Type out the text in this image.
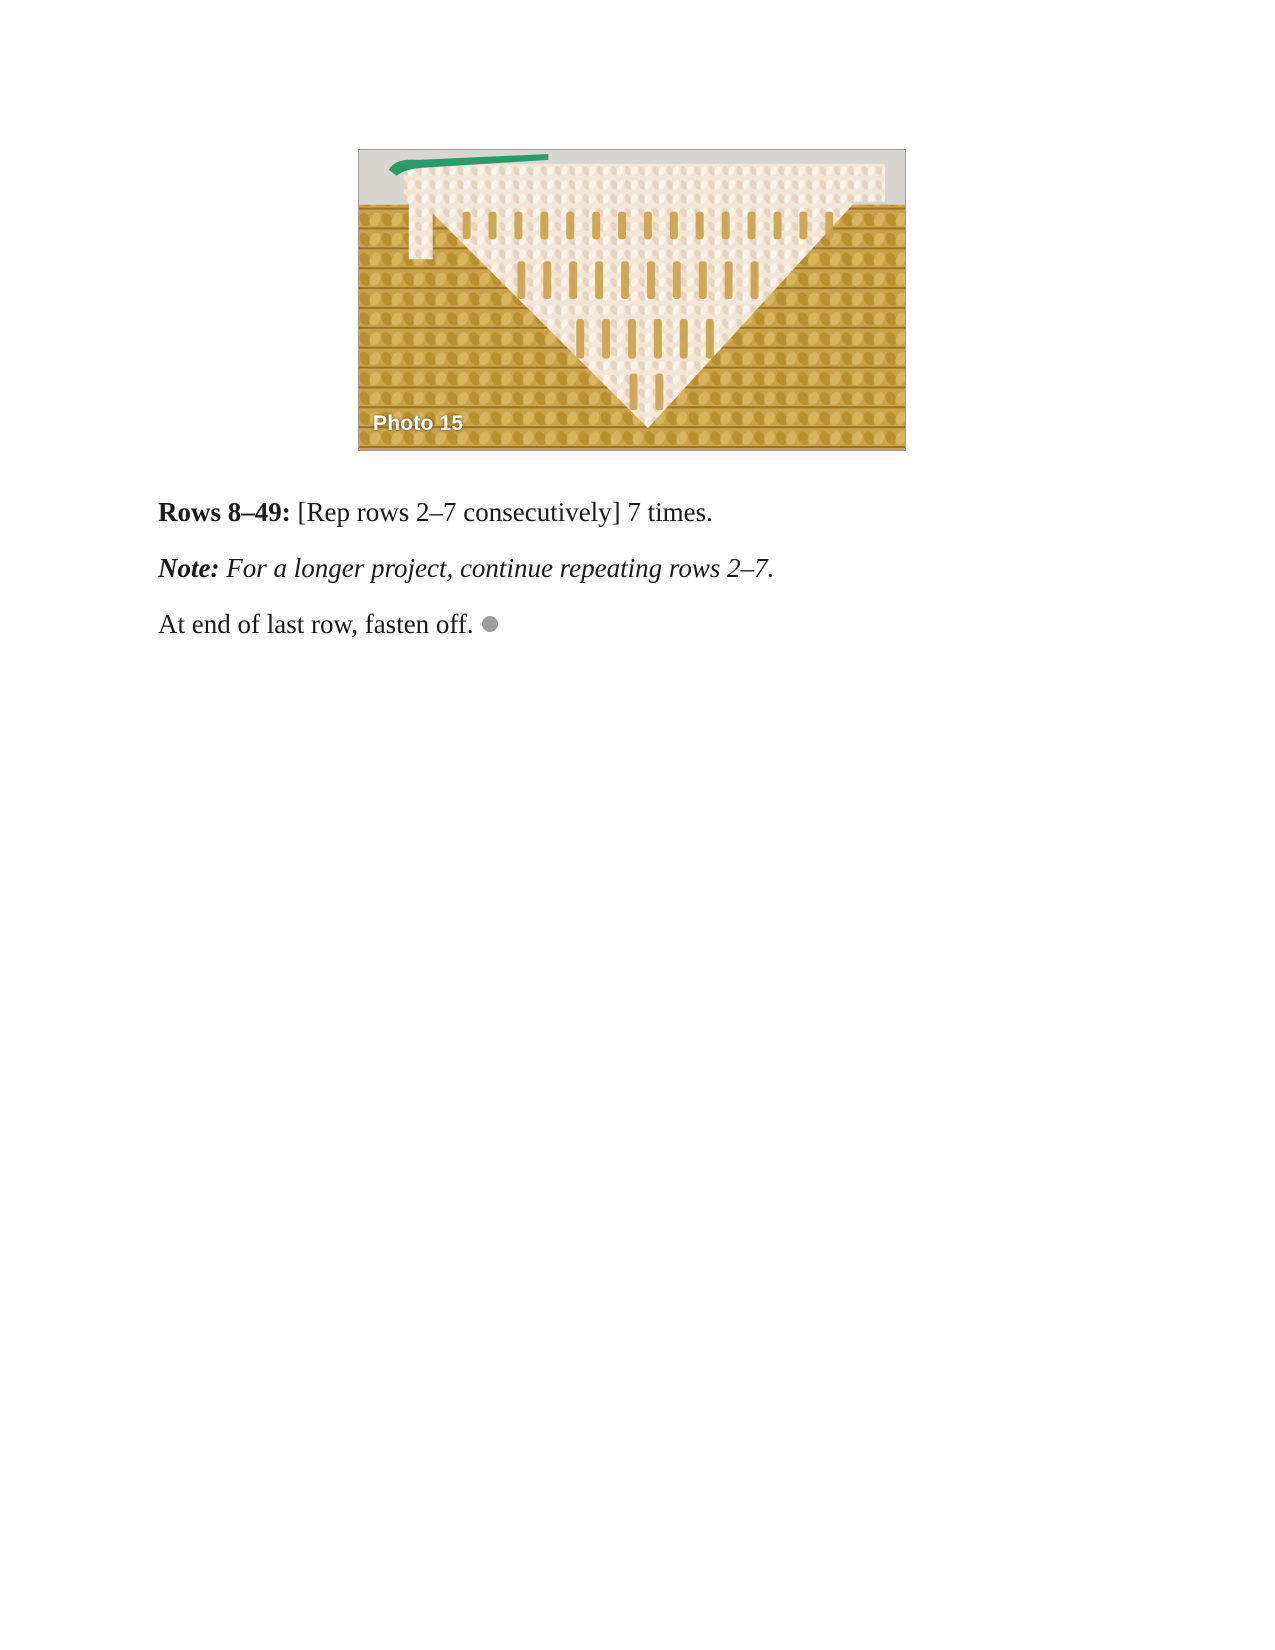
Photo 15
Rows 8–49: [Rep rows 2–7 consecutively] 7 times.
Note: For a longer project, continue repeating rows 2–7.
At end of last row, fasten off.
